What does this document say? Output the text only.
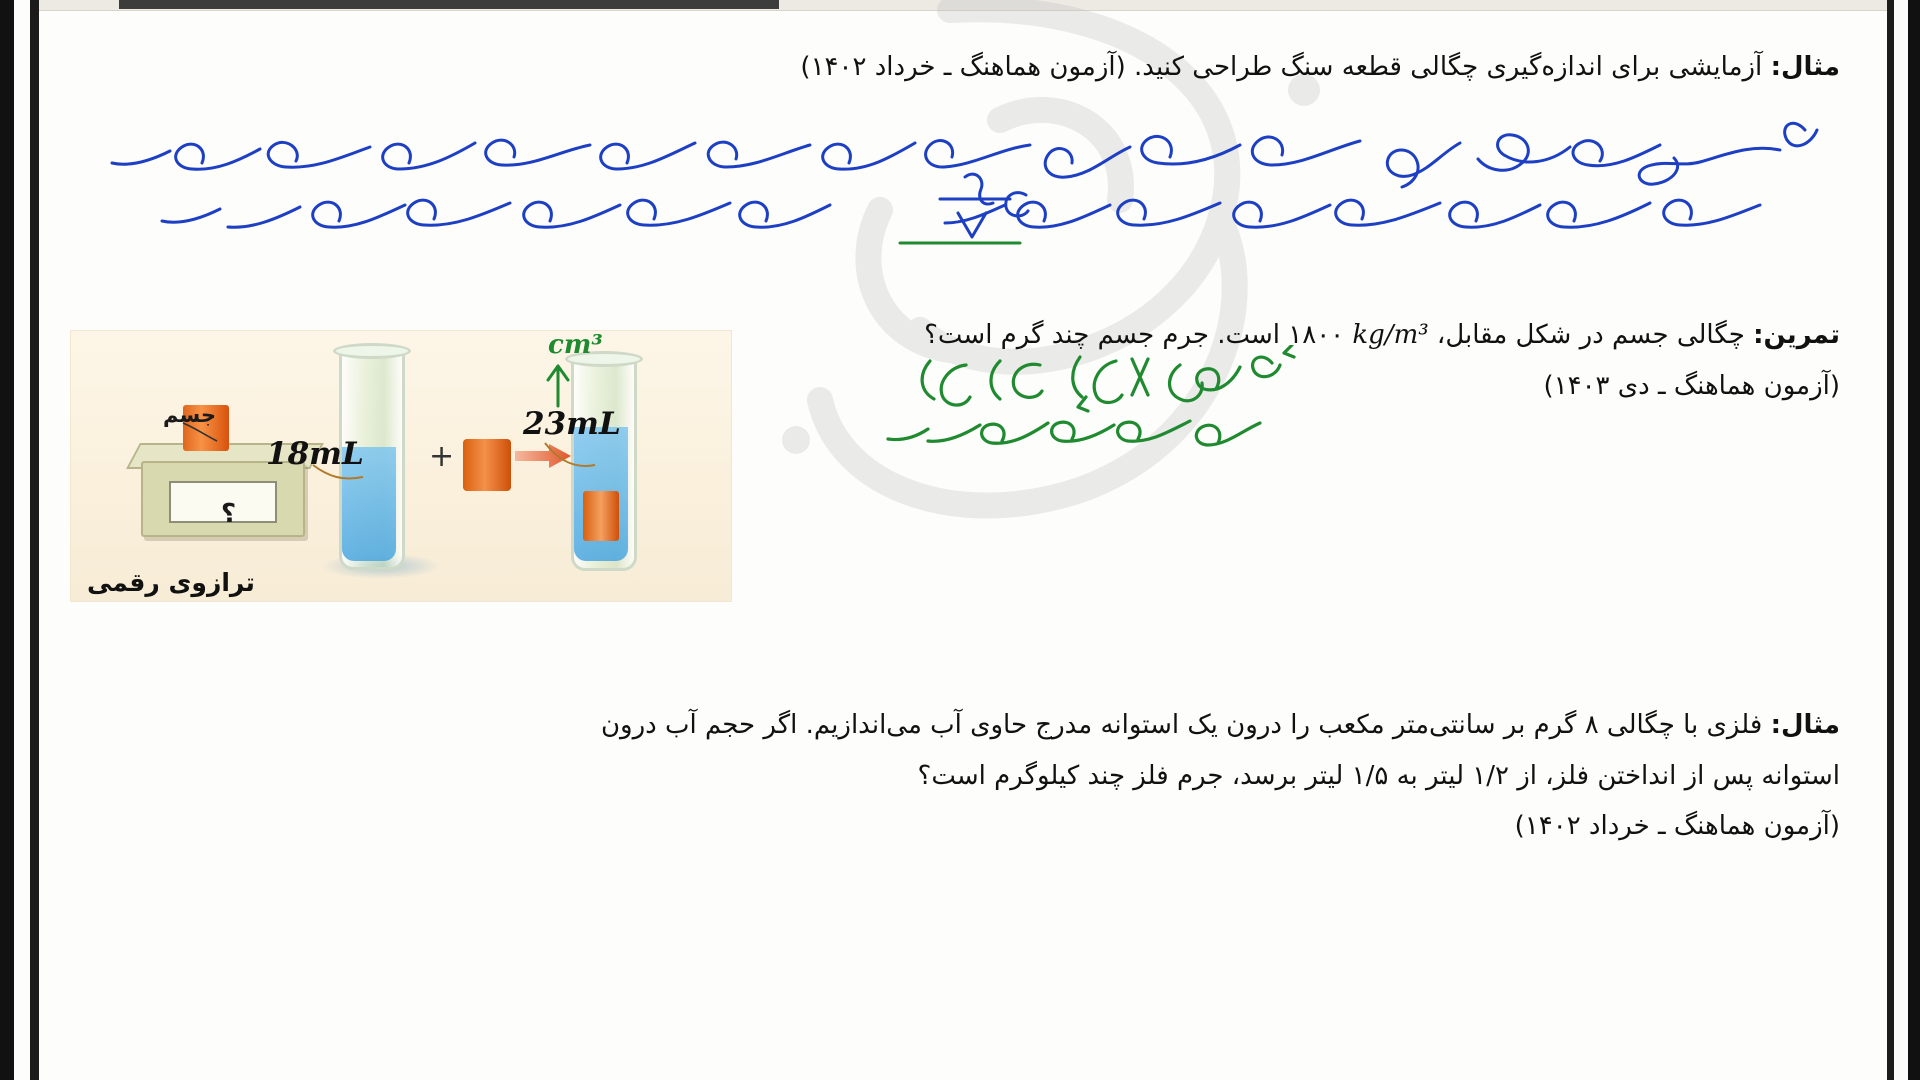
مثال: آزمایشی برای اندازه‌گیری چگالی قطعه سنگ طراحی کنید. (آزمون هماهنگ ـ خرداد ۱۴۰۲)
تمرین: چگالی جسم در شکل مقابل، kg/m³ ۱۸۰۰ است. جرم جسم چند گرم است؟
(آزمون هماهنگ ـ دی ۱۴۰۳)
مثال: فلزی با چگالی ۸ گرم بر سانتی‌متر مکعب را درون یک استوانه مدرج حاوی آب می‌اندازیم. اگر حجم آب درون
استوانه پس از انداختن فلز، از ۱/۲ لیتر به ۱/۵ لیتر برسد، جرم فلز چند کیلوگرم است؟
(آزمون هماهنگ ـ خرداد ۱۴۰۲)
؟
جسم
18mL +
23mL
ترازوی رقمی
cm³
